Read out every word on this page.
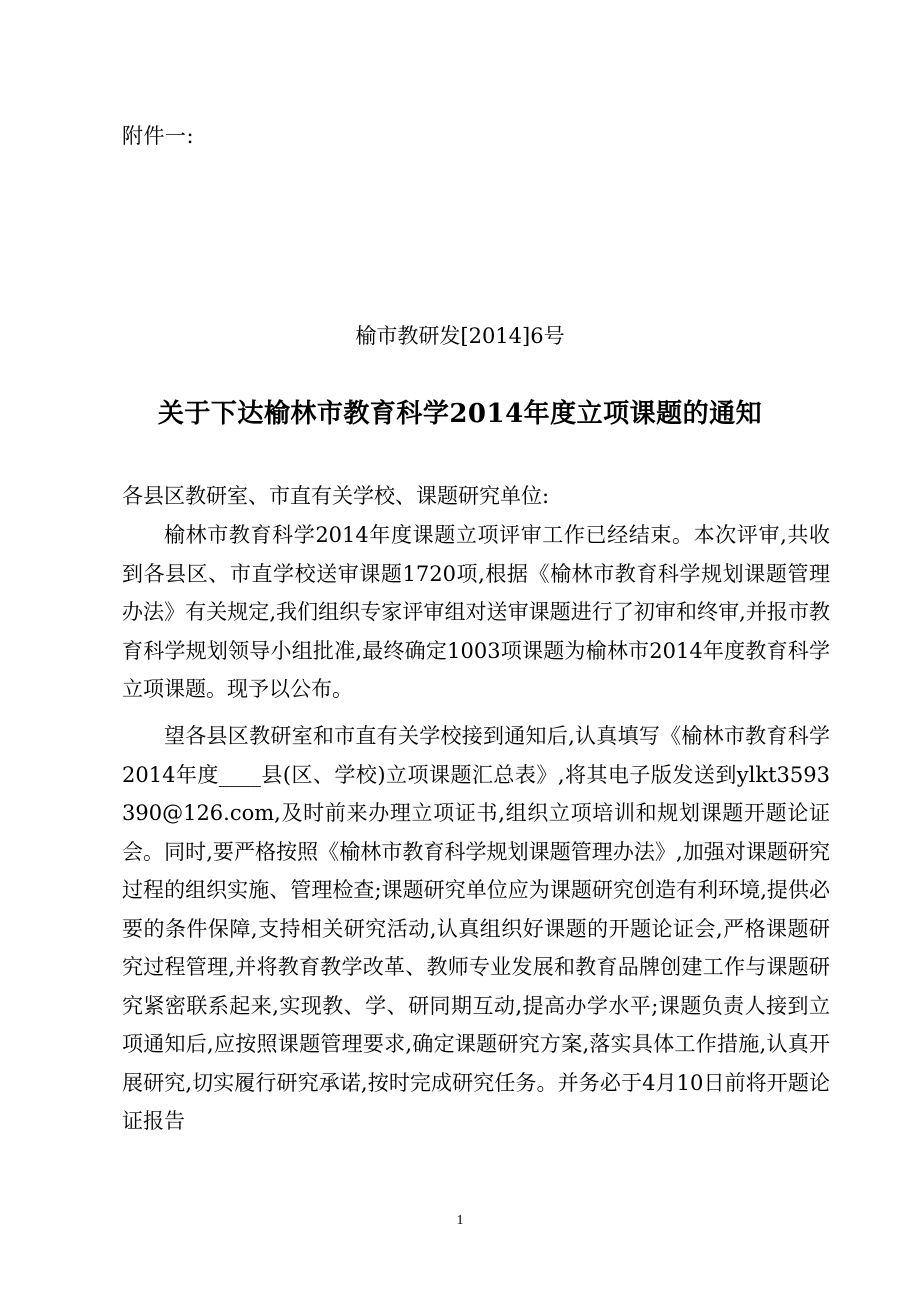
附件一:
榆市教研发[2014]6号
关于下达榆林市教育科学2014年度立项课题的通知
各县区教研室、市直有关学校、课题研究单位:

榆林市教育科学2014年度课题立项评审工作已经结束。本次评审,共收到各县区、市直学校送审课题1720项,根据《榆林市教育科学规划课题管理办法》有关规定,我们组织专家评审组对送审课题进行了初审和终审,并报市教育科学规划领导小组批准,最终确定1003项课题为榆林市2014年度教育科学立项课题。现予以公布。

望各县区教研室和市直有关学校接到通知后,认真填写《榆林市教育科学2014年度____县(区、学校)立项课题汇总表》,将其电子版发送到ylkt3593390@126.com,及时前来办理立项证书,组织立项培训和规划课题开题论证会。同时,要严格按照《榆林市教育科学规划课题管理办法》,加强对课题研究过程的组织实施、管理检查;课题研究单位应为课题研究创造有利环境,提供必要的条件保障,支持相关研究活动,认真组织好课题的开题论证会,严格课题研究过程管理,并将教育教学改革、教师专业发展和教育品牌创建工作与课题研究紧密联系起来,实现教、学、研同期互动,提高办学水平;课题负责人接到立项通知后,应按照课题管理要求,确定课题研究方案,落实具体工作措施,认真开展研究,切实履行研究承诺,按时完成研究任务。并务必于4月10日前将开题论证报告

1
